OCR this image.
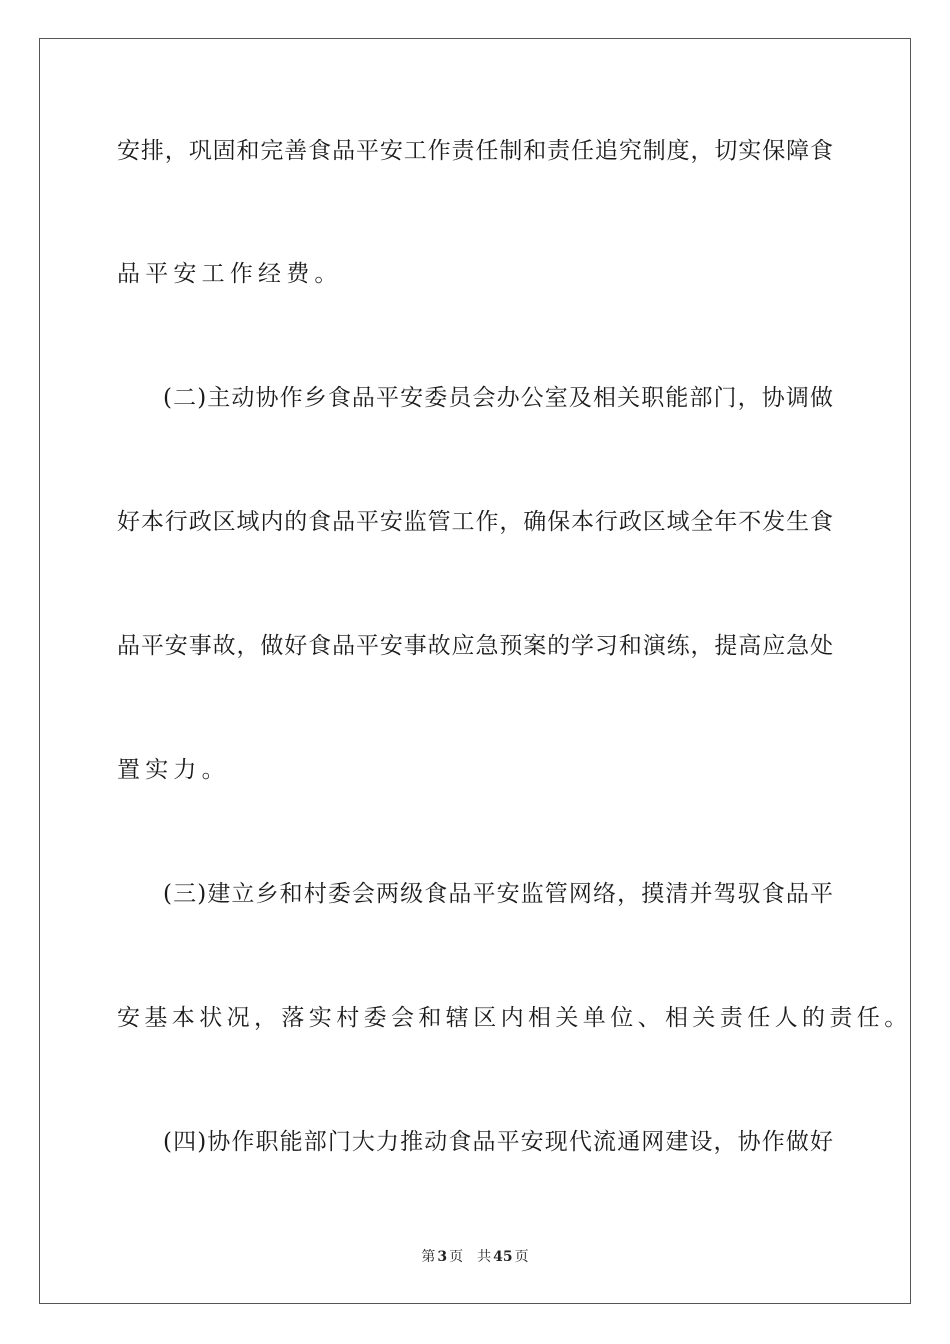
安排，巩固和完善食品平安工作责任制和责任追究制度，切实保障食
品平安工作经费。
(二)主动协作乡食品平安委员会办公室及相关职能部门，协调做
好本行政区域内的食品平安监管工作，确保本行政区域全年不发生食
品平安事故，做好食品平安事故应急预案的学习和演练，提高应急处
置实力。
(三)建立乡和村委会两级食品平安监管网络，摸清并驾驭食品平
安基本状况，落实村委会和辖区内相关单位、相关责任人的责任。
(四)协作职能部门大力推动食品平安现代流通网建设，协作做好
第 3 页 共 45 页
